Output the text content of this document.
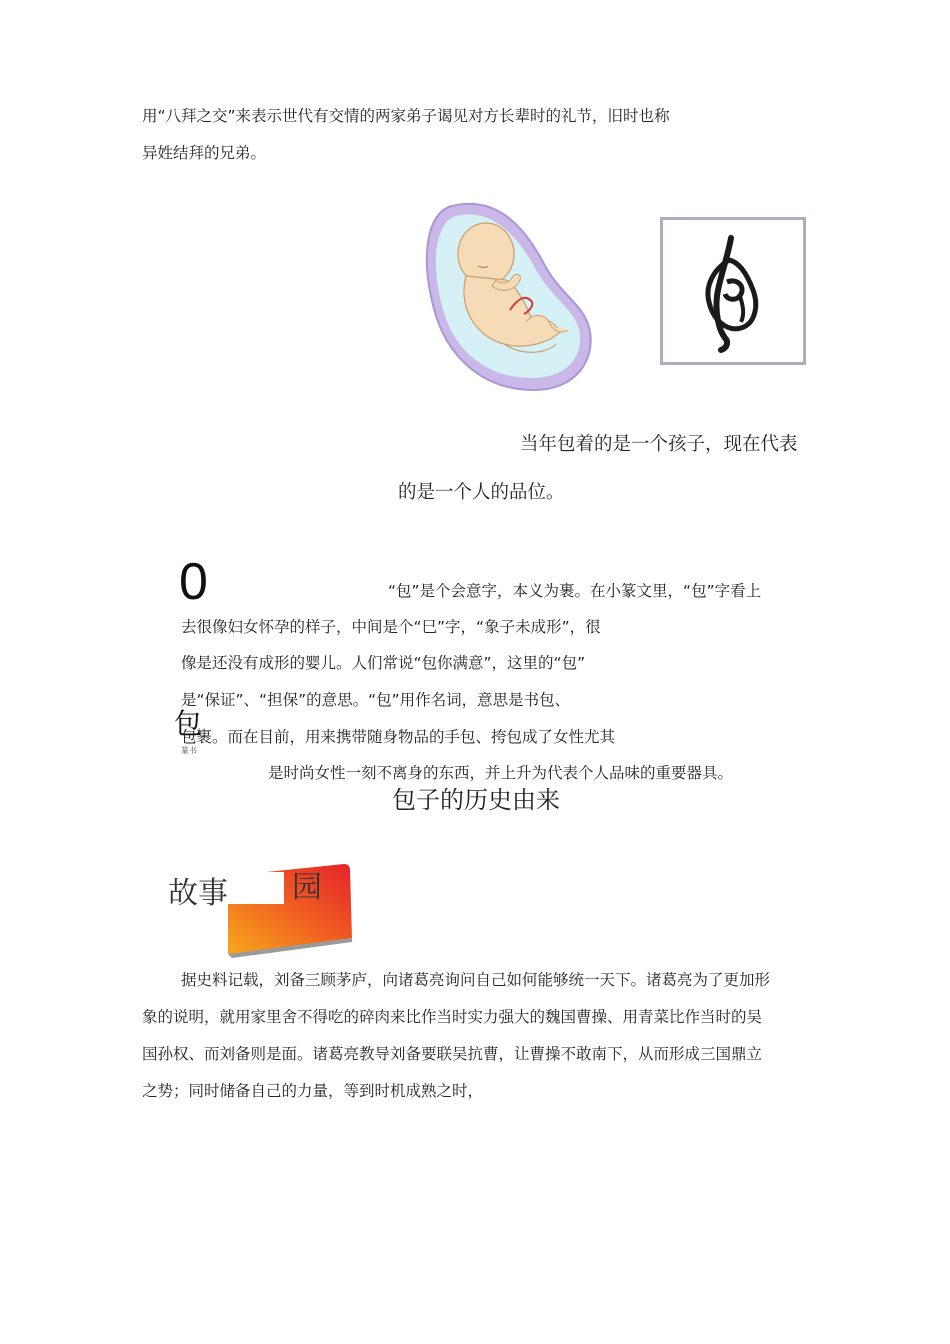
用“八拜之交”来表示世代有交情的两家弟子谒见对方长辈时的礼节，旧时也称
异姓结拜的兄弟。
当年包着的是一个孩子，现在代表
的是一个人的品位。
0	“包”是个会意字，本义为裹。在小篆文里，“包”字看上
去很像妇女怀孕的样子，中间是个“巳”字，“象子未成形”，很
像是还没有成形的婴儿。人们常说“包你满意”，这里的“包”
是“保证”、“担保”的意思。“包”用作名词，意思是书包、
包裹。而在目前，用来携带随身物品的手包、挎包成了女性尤其
包
篆书
是时尚女性一刻不离身的东西，并上升为代表个人品味的重要器具。
包子的历史由来
故事 园
据史料记载，刘备三顾茅庐，向诸葛亮询问自己如何能够统一天下。诸葛亮为了更加形
象的说明，就用家里舍不得吃的碎肉来比作当时实力强大的魏国曹操、用青菜比作当时的吴
国孙权、而刘备则是面。诸葛亮教导刘备要联吴抗曹，让曹操不敢南下，从而形成三国鼎立
之势；同时储备自己的力量，等到时机成熟之时，
